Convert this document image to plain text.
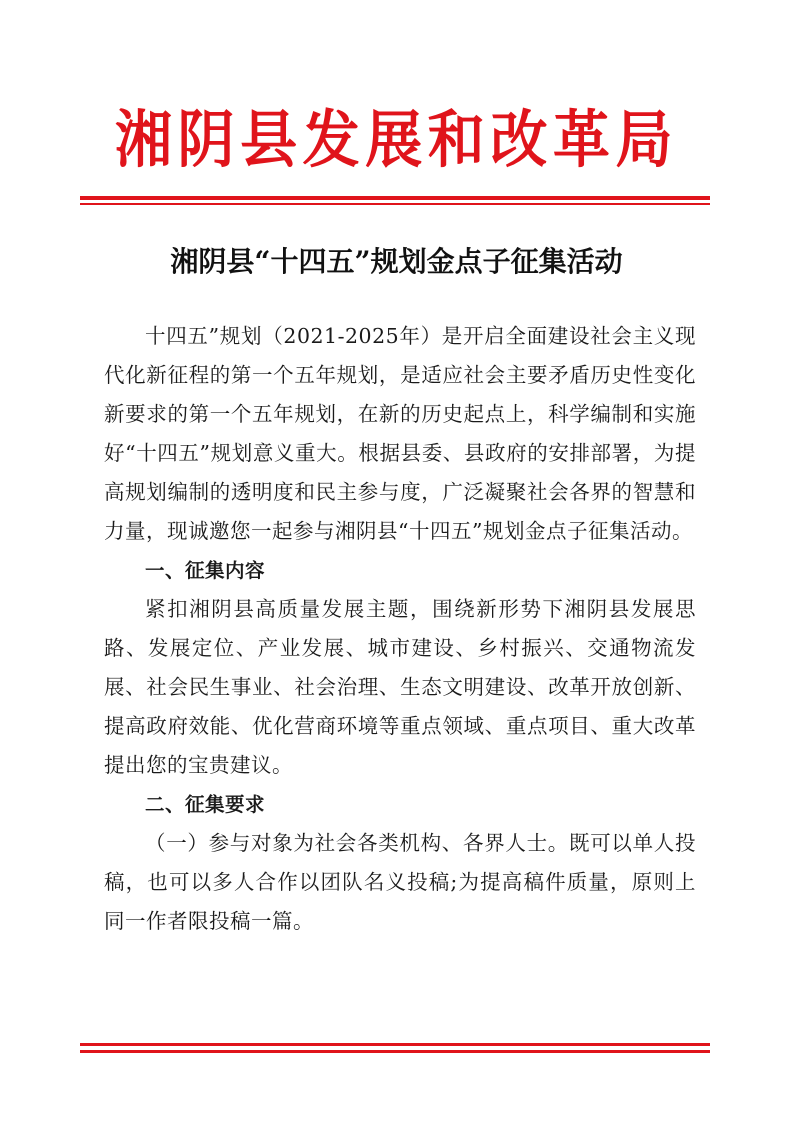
湘阴县发展和改革局
湘阴县“十四五”规划金点子征集活动

十四五”规划（2021-2025年）是开启全面建设社会主义现代化新征程的第一个五年规划，是适应社会主要矛盾历史性变化新要求的第一个五年规划，在新的历史起点上，科学编制和实施好“十四五”规划意义重大。根据县委、县政府的安排部署，为提高规划编制的透明度和民主参与度，广泛凝聚社会各界的智慧和力量，现诚邀您一起参与湘阴县“十四五”规划金点子征集活动。

一、征集内容

紧扣湘阴县高质量发展主题，围绕新形势下湘阴县发展思路、发展定位、产业发展、城市建设、乡村振兴、交通物流发展、社会民生事业、社会治理、生态文明建设、改革开放创新、提高政府效能、优化营商环境等重点领域、重点项目、重大改革提出您的宝贵建议。

二、征集要求

（一）参与对象为社会各类机构、各界人士。既可以单人投稿，也可以多人合作以团队名义投稿;为提高稿件质量，原则上同一作者限投稿一篇。
